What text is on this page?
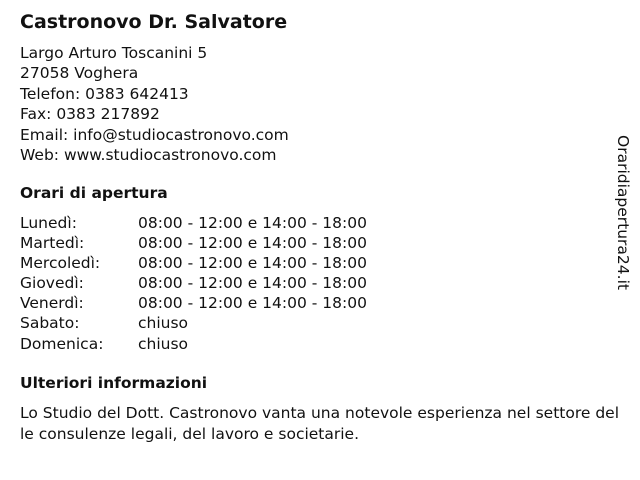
Castronovo Dr. Salvatore
Largo Arturo Toscanini 5
27058 Voghera
Telefon: 0383 642413
Fax: 0383 217892
Email: info@studiocastronovo.com
Web: www.studiocastronovo.com
Orari di apertura
Lunedì:	08:00 - 12:00 e 14:00 - 18:00
Martedì:	08:00 - 12:00 e 14:00 - 18:00
Mercoledì: 08:00 - 12:00 e 14:00 - 18:00
Giovedì:	08:00 - 12:00 e 14:00 - 18:00
Venerdì:	08:00 - 12:00 e 14:00 - 18:00
Sabato:	chiuso
Domenica: chiuso
Ulteriori informazioni

Lo Studio del Dott. Castronovo vanta una notevole esperienza nel settore delle consulenze legali, del lavoro e societarie.

Oraridiapertura24.it
